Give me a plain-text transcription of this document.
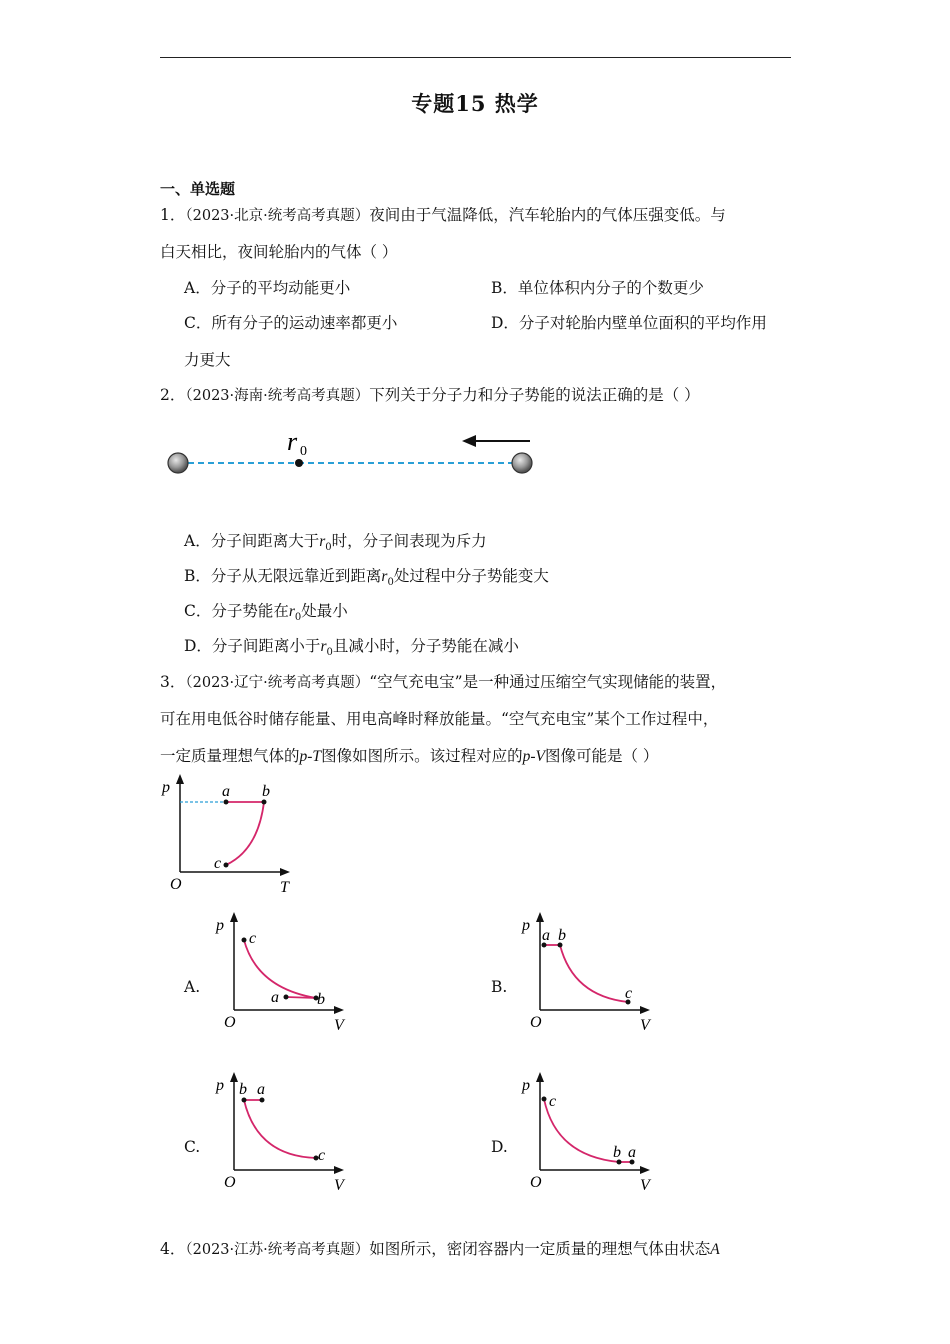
专题15 热学
一、单选题
1．（2023·北京·统考高考真题）夜间由于气温降低，汽车轮胎内的气体压强变低。与
白天相比，夜间轮胎内的气体（ ）
A．分子的平均动能更小	B．单位体积内分子的个数更少
C．所有分子的运动速率都更小	D．分子对轮胎内壁单位面积的平均作用
力更大
2．（2023·海南·统考高考真题）下列关于分子力和分子势能的说法正确的是（ ）
r 0
A．分子间距离大于$r_0$时，分子间表现为斥力
B．分子从无限远靠近到距离$r_0$处过程中分子势能变大
C．分子势能在$r_0$处最小
D．分子间距离小于$r_0$且减小时，分子势能在减小
3．（2023·辽宁·统考高考真题）“空气充电宝”是一种通过压缩空气实现储能的装置，
可在用电低谷时储存能量、用电高峰时释放能量。“空气充电宝”某个工作过程中，
一定质量理想气体的p-T图像如图所示。该过程对应的p-V图像可能是（ ）
p
O	T
a b
c
A.
p
O	V
c
a b
B.
p
O	V
a b
c
C.
p
O	V
b a
c	D.
p
O	V
c
b a
4．（2023·江苏·统考高考真题）如图所示，密闭容器内一定质量的理想气体由状态A
